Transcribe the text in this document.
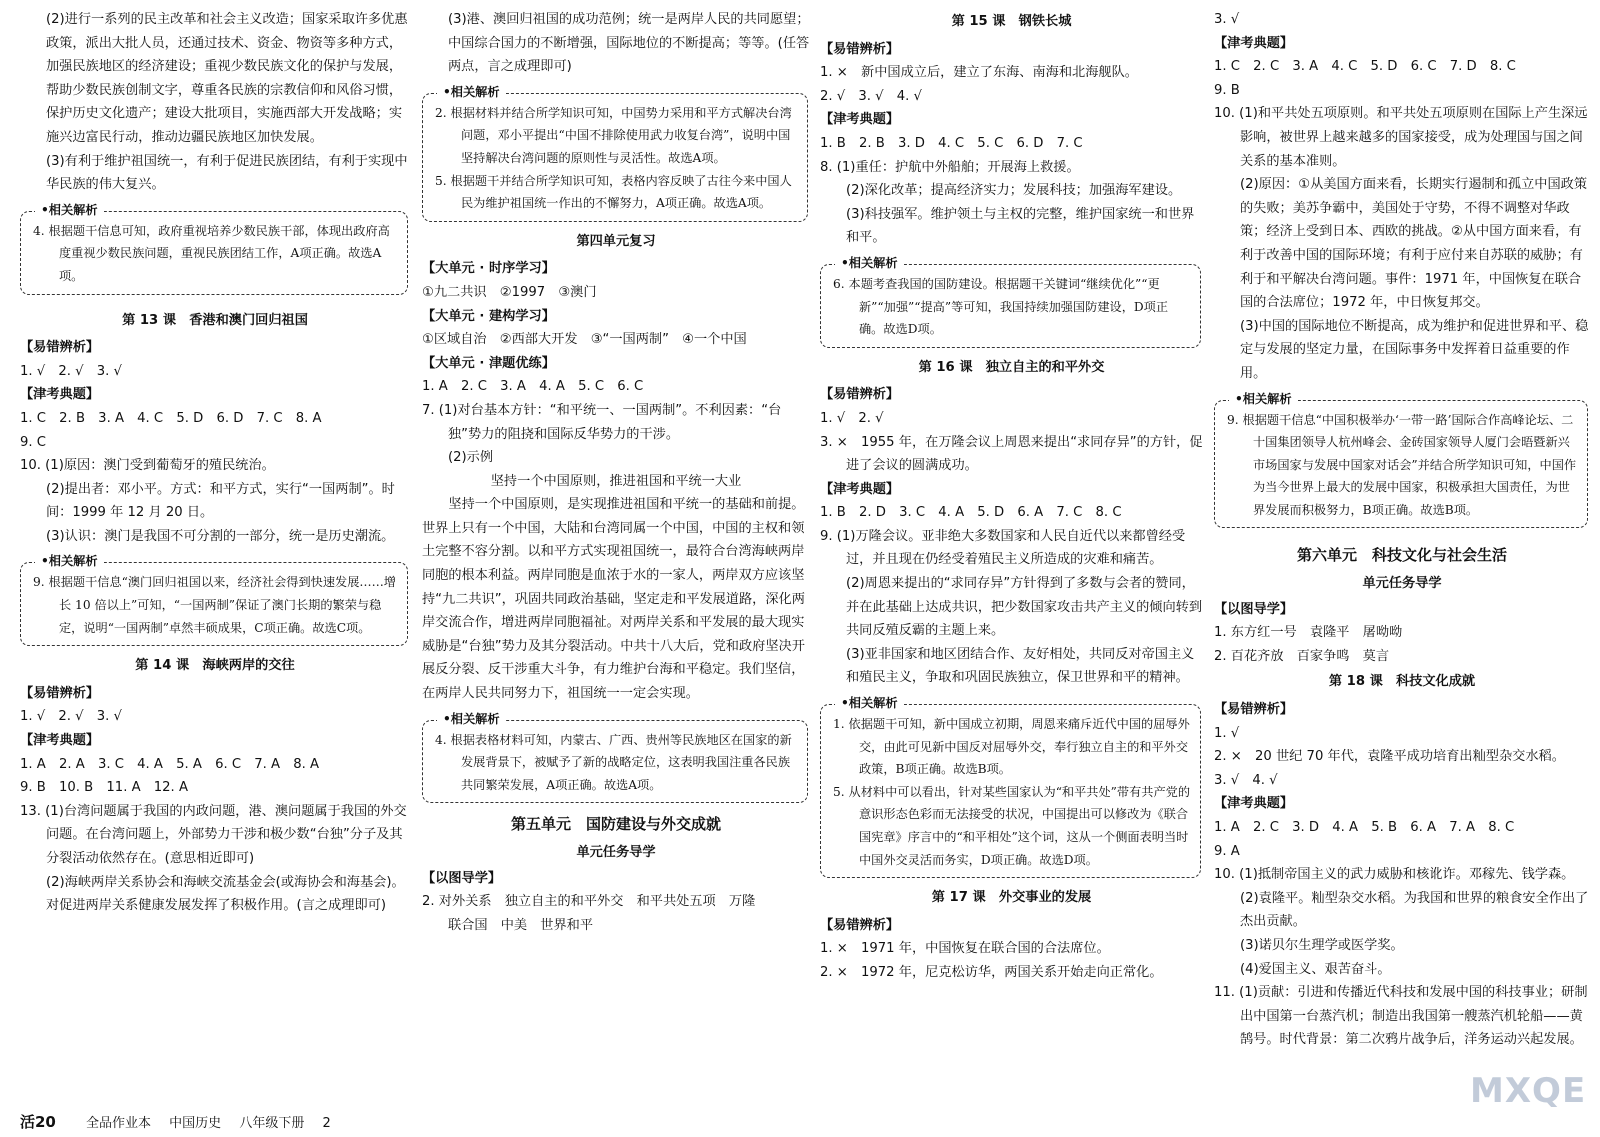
(2)进行一系列的民主改革和社会主义改造；国家采取许多优惠政策，派出大批人员，还通过技术、资金、物资等多种方式，加强民族地区的经济建设；重视少数民族文化的保护与发展，帮助少数民族创制文字，尊重各民族的宗教信仰和风俗习惯，保护历史文化遗产；建设大批项目，实施西部大开发战略；实施兴边富民行动，推动边疆民族地区加快发展。

(3)有利于维护祖国统一，有利于促进民族团结，有利于实现中华民族的伟大复兴。

• 相关解析

4. 根据题干信息可知，政府重视培养少数民族干部，体现出政府高度重视少数民族问题，重视民族团结工作，A项正确。故选A项。

第 13 课　香港和澳门回归祖国

【易错辨析】

1. √　2. √　3. √

【津考典题】

1. C　2. B　3. A　4. C　5. D　6. D　7. C　8. A

9. C

10. (1)原因：澳门受到葡萄牙的殖民统治。

(2)提出者：邓小平。方式：和平方式，实行“一国两制”。时间：1999 年 12 月 20 日。

(3)认识：澳门是我国不可分割的一部分，统一是历史潮流。

• 相关解析

9. 根据题干信息“澳门回归祖国以来，经济社会得到快速发展……增长 10 倍以上”可知，“一国两制”保证了澳门长期的繁荣与稳定，说明“一国两制”卓然丰硕成果，C项正确。故选C项。

第 14 课　海峡两岸的交往

【易错辨析】

1. √　2. √　3. √

【津考典题】

1. A　2. A　3. C　4. A　5. A　6. C　7. A　8. A

9. B　10. B　11. A　12. A

13. (1)台湾问题属于我国的内政问题，港、澳问题属于我国的外交问题。在台湾问题上，外部势力干涉和极少数“台独”分子及其分裂活动依然存在。(意思相近即可)

(2)海峡两岸关系协会和海峡交流基金会(或海协会和海基会)。对促进两岸关系健康发展发挥了积极作用。(言之成理即可)

(3)港、澳回归祖国的成功范例；统一是两岸人民的共同愿望；中国综合国力的不断增强，国际地位的不断提高；等等。(任答两点，言之成理即可)

• 相关解析

2. 根据材料并结合所学知识可知，中国势力采用和平方式解决台湾问题，邓小平提出“中国不排除使用武力收复台湾”，说明中国坚持解决台湾问题的原则性与灵活性。故选A项。

5. 根据题干并结合所学知识可知，表格内容反映了古往今来中国人民为维护祖国统一作出的不懈努力，A项正确。故选A项。

第四单元复习

【大单元 · 时序学习】

①九二共识　②1997　③澳门

【大单元 · 建构学习】

①区域自治　②西部大开发　③“一国两制”　④一个中国

【大单元 · 津题优练】

1. A　2. C　3. A　4. A　5. C　6. C

7. (1)对台基本方针：“和平统一、一国两制”。不利因素：“台独”势力的阻挠和国际反华势力的干涉。

(2)示例

坚持一个中国原则，推进祖国和平统一大业

坚持一个中国原则，是实现推进祖国和平统一的基础和前提。世界上只有一个中国，大陆和台湾同属一个中国，中国的主权和领土完整不容分割。以和平方式实现祖国统一，最符合台湾海峡两岸同胞的根本利益。两岸同胞是血浓于水的一家人，两岸双方应该坚持“九二共识”，巩固共同政治基础，坚定走和平发展道路，深化两岸交流合作，增进两岸同胞福祉。对两岸关系和平发展的最大现实威胁是“台独”势力及其分裂活动。中共十八大后，党和政府坚决开展反分裂、反干涉重大斗争，有力维护台海和平稳定。我们坚信，在两岸人民共同努力下，祖国统一一定会实现。

• 相关解析

4. 根据表格材料可知，内蒙古、广西、贵州等民族地区在国家的新发展背景下，被赋予了新的战略定位，这表明我国注重各民族共同繁荣发展，A项正确。故选A项。

第五单元　国防建设与外交成就

单元任务导学

【以图导学】

2. 对外关系　独立自主的和平外交　和平共处五项　万隆

联合国　中美　世界和平

第 15 课　钢铁长城

【易错辨析】

1. ×　新中国成立后，建立了东海、南海和北海舰队。

2. √　3. √　4. √

【津考典题】

1. B　2. B　3. D　4. C　5. C　6. D　7. C

8. (1)重任：护航中外船舶；开展海上救援。

(2)深化改革；提高经济实力；发展科技；加强海军建设。

(3)科技强军。维护领土与主权的完整，维护国家统一和世界和平。

• 相关解析

6. 本题考查我国的国防建设。根据题干关键词“继续优化”“更新”“加强”“提高”等可知，我国持续加强国防建设，D项正确。故选D项。

第 16 课　独立自主的和平外交

【易错辨析】

1. √　2. √

3. ×　1955 年，在万隆会议上周恩来提出“求同存异”的方针，促进了会议的圆满成功。

【津考典题】

1. B　2. D　3. C　4. A　5. D　6. A　7. C　8. C

9. (1)万隆会议。亚非绝大多数国家和人民自近代以来都曾经受过，并且现在仍经受着殖民主义所造成的灾难和痛苦。

(2)周恩来提出的“求同存异”方针得到了多数与会者的赞同，并在此基础上达成共识，把少数国家攻击共产主义的倾向转到共同反殖反霸的主题上来。

(3)亚非国家和地区团结合作、友好相处，共同反对帝国主义和殖民主义，争取和巩固民族独立，保卫世界和平的精神。

• 相关解析

1. 依据题干可知，新中国成立初期，周恩来痛斥近代中国的屈辱外交，由此可见新中国反对屈辱外交，奉行独立自主的和平外交政策，B项正确。故选B项。

5. 从材料中可以看出，针对某些国家认为“和平共处”带有共产党的意识形态色彩而无法接受的状况，中国提出可以修改为《联合国宪章》序言中的“和平相处”这个词，这从一个侧面表明当时中国外交灵活而务实，D项正确。故选D项。

第 17 课　外交事业的发展

【易错辨析】

1. ×　1971 年，中国恢复在联合国的合法席位。

2. ×　1972 年，尼克松访华，两国关系开始走向正常化。

3. √

【津考典题】

1. C　2. C　3. A　4. C　5. D　6. C　7. D　8. C

9. B

10. (1)和平共处五项原则。和平共处五项原则在国际上产生深远影响，被世界上越来越多的国家接受，成为处理国与国之间关系的基本准则。

(2)原因：①从美国方面来看，长期实行遏制和孤立中国政策的失败；美苏争霸中，美国处于守势，不得不调整对华政策；经济上受到日本、西欧的挑战。②从中国方面来看，有利于改善中国的国际环境；有利于应付来自苏联的威胁；有利于和平解决台湾问题。事件：1971 年，中国恢复在联合国的合法席位；1972 年，中日恢复邦交。

(3)中国的国际地位不断提高，成为维护和促进世界和平、稳定与发展的坚定力量，在国际事务中发挥着日益重要的作用。

• 相关解析

9. 根据题干信息“中国积极举办‘一带一路’国际合作高峰论坛、二十国集团领导人杭州峰会、金砖国家领导人厦门会晤暨新兴市场国家与发展中国家对话会”并结合所学知识可知，中国作为当今世界上最大的发展中国家，积极承担大国责任，为世界发展而积极努力，B项正确。故选B项。

第六单元　科技文化与社会生活

单元任务导学

【以图导学】

1. 东方红一号　袁隆平　屠呦呦

2. 百花齐放　百家争鸣　莫言

第 18 课　科技文化成就

【易错辨析】

1. √

2. ×　20 世纪 70 年代，袁隆平成功培育出籼型杂交水稻。

3. √　4. √

【津考典题】

1. A　2. C　3. D　4. A　5. B　6. A　7. A　8. C

9. A

10. (1)抵制帝国主义的武力威胁和核讹诈。邓稼先、钱学森。

(2)袁隆平。籼型杂交水稻。为我国和世界的粮食安全作出了杰出贡献。

(3)诺贝尔生理学或医学奖。

(4)爱国主义、艰苦奋斗。

11. (1)贡献：引进和传播近代科技和发展中国的科技事业；研制出中国第一台蒸汽机；制造出我国第一艘蒸汽机轮船——黄鹄号。时代背景：第二次鸦片战争后，洋务运动兴起发展。

活20 全品作业本 中国历史 八年级下册 2
MXQE
